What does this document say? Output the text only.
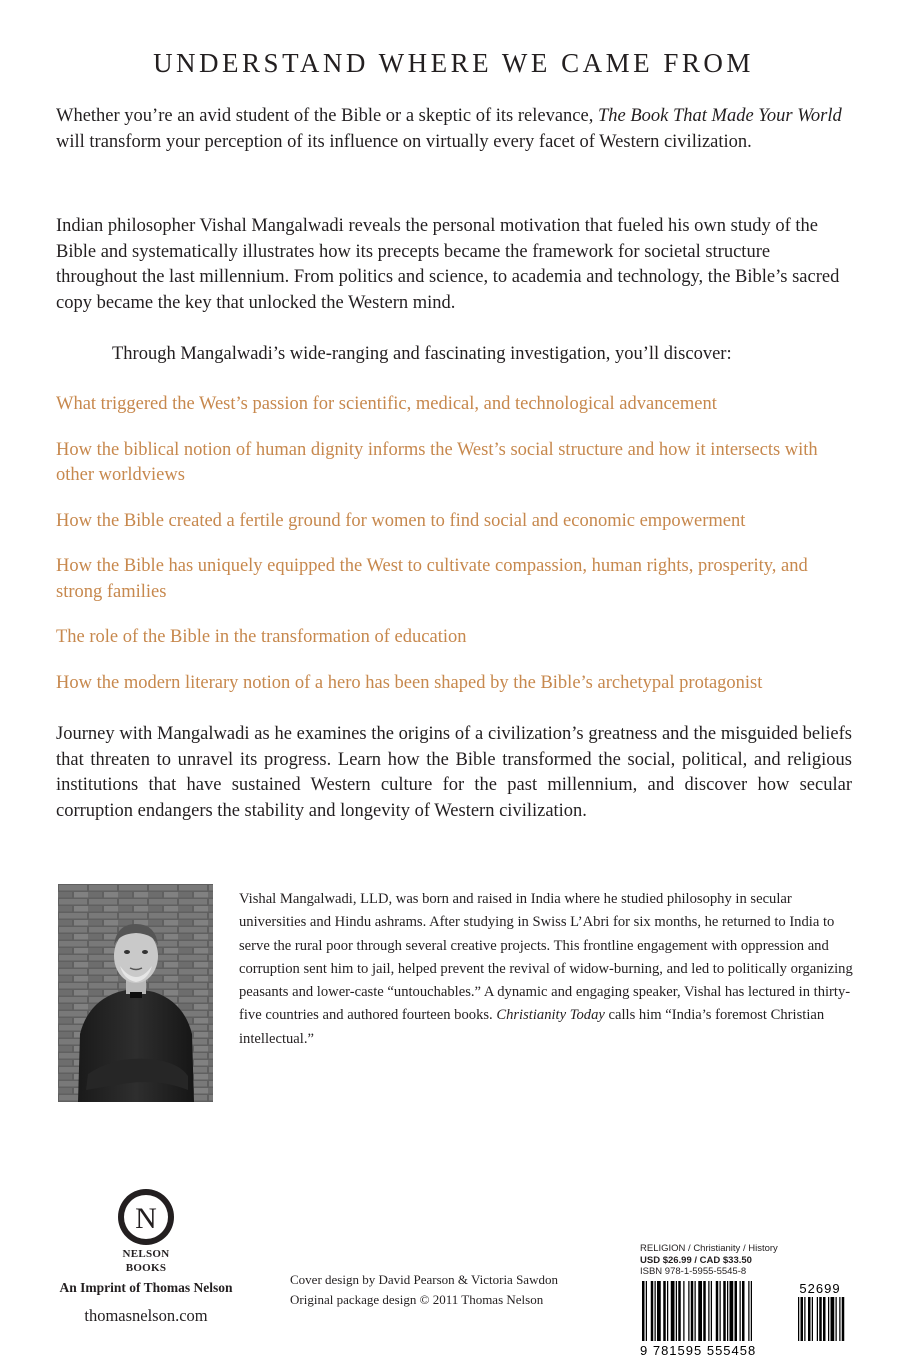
UNDERSTAND WHERE WE CAME FROM

Whether you’re an avid student of the Bible or a skeptic of its relevance, The Book That Made Your World will transform your perception of its influence on virtually every facet of Western civilization.

Indian philosopher Vishal Mangalwadi reveals the personal motivation that fueled his own study of the Bible and systematically illustrates how its precepts became the framework for societal structure throughout the last millennium. From politics and science, to academia and technology, the Bible’s sacred copy became the key that unlocked the Western mind.

Through Mangalwadi’s wide-ranging and fascinating investigation, you’ll discover:
What triggered the West’s passion for scientific, medical, and technological advancement
How the biblical notion of human dignity informs the West’s social structure and how it intersects with other worldviews
How the Bible created a fertile ground for women to find social and economic empowerment
How the Bible has uniquely equipped the West to cultivate compassion, human rights, prosperity, and strong families
The role of the Bible in the transformation of education
How the modern literary notion of a hero has been shaped by the Bible’s archetypal protagonist

Journey with Mangalwadi as he examines the origins of a civilization’s greatness and the misguided beliefs that threaten to unravel its progress. Learn how the Bible transformed the social, political, and religious institutions that have sustained Western culture for the past millennium, and discover how secular corruption endangers the stability and longevity of Western civilization.

Vishal Mangalwadi, LLD, was born and raised in India where he studied philosophy in secular universities and Hindu ashrams. After studying in Swiss L’Abri for six months, he returned to India to serve the rural poor through several creative projects. This frontline engagement with oppression and corruption sent him to jail, helped prevent the revival of widow-burning, and led to politically organizing peasants and lower-caste “untouchables.” A dynamic and engaging speaker, Vishal has lectured in thirty-five countries and authored fourteen books. Christianity Today calls him “India’s foremost Christian intellectual.”

N
NELSON
BOOKS
An Imprint of Thomas Nelson
thomasnelson.com
Cover design by David Pearson & Victoria Sawdon
Original package design © 2011 Thomas Nelson
RELIGION / Christianity / History
USD $26.99 / CAD $33.50
ISBN 978-1-5955-5545-8
52699
9 781595 555458
